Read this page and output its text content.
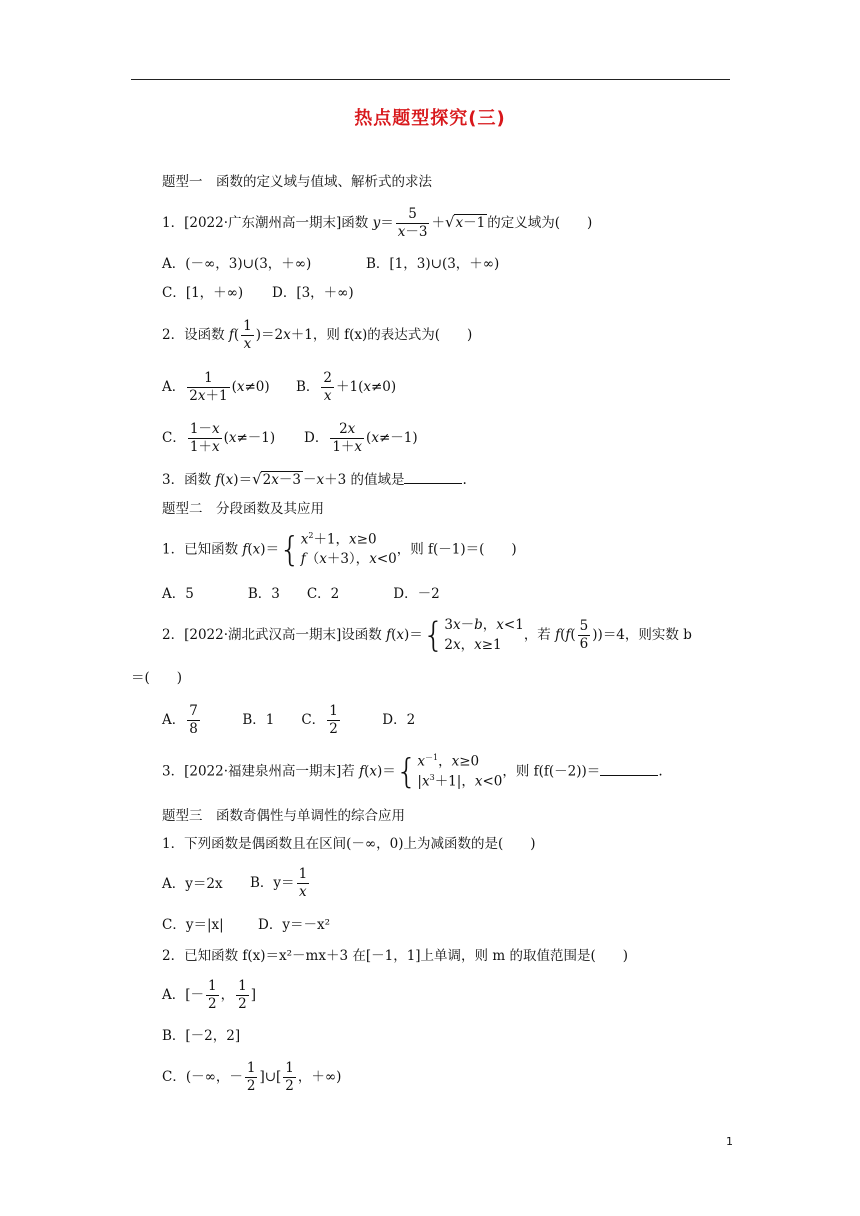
热点题型探究(三)
题型一　函数的定义域与值域、解析式的求法
1．[2022·广东潮州高一期末]函数 $y= \frac{5}{x-3} +√x-1$ 的定义域为(　　)
A．(－∞，3)∪(3，＋∞)	B．[1，3)∪(3，＋∞)
C．[1，＋∞) D．[3，＋∞)
2．设函数 $f( \frac{1}{x} )=2x+1$，则 f(x)的表达式为(　　)
A． $\frac{1}{2x+1} (x\ne 0)$ B． $\frac{2}{x} +1(x\ne 0)$
C． $\frac{1-x}{1+x} (x\ne-1)$ D． $\frac{2x}{1+x} (x\ne-1)$
3．函数 f(x)＝√2x－3 －x＋3 的值域是	.
题型二　分段函数及其应用
1．已知函数 f(x)＝{ $x^2+1$，x≥0
f（x＋3），x<0
，则 f(－1)＝(　　)
A．5　　　　B．3　　C．2　　　　D．－2
2．[2022·湖北武汉高一期末]设函数 f(x)＝{ 3x－b，x<1
2x，x≥1
，若 $f(f( \frac{5}{6} ))=4$，则实数 b
＝(　　)
A． $\frac{7}{8}$ 　　　B．1　　C． $\frac{1}{2}$ 　　　D．2
3．[2022·福建泉州高一期末]若 f(x)＝{ $x^{-1}$，x≥0
$|x^3+1|$，x<0
，则 f(f(－2))＝	.
题型三　函数奇偶性与单调性的综合应用
1．下列函数是偶函数且在区间(－∞，0)上为减函数的是(　　)
A．y＝2x B．$y= \frac{1}{x}$
C．y＝|x|	D．y＝－x²
2．已知函数 f(x)＝x²－mx＋3 在[－1，1]上单调，则 m 的取值范围是(　　)
A．[－ $\frac{1}{2}$ ， $\frac{1}{2}$ ]
B．[－2，2]
C．(－∞，－ $\frac{1}{2}$ ]∪[ $\frac{1}{2}$ ，＋∞)
1
